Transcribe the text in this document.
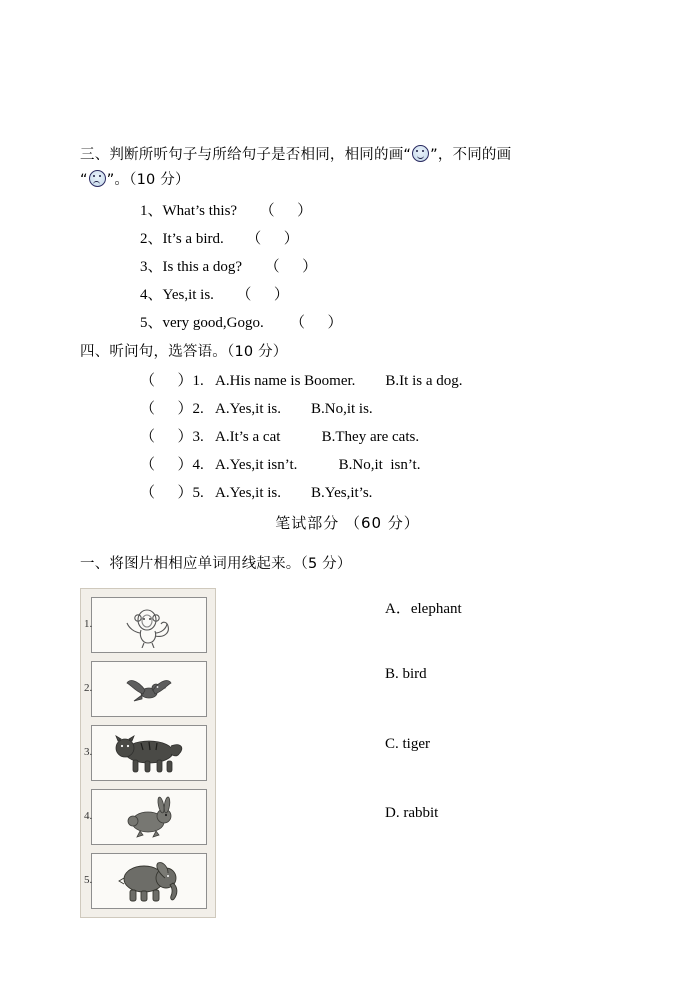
三、判断所听句子与所给句子是否相同，相同的画“ ”，不同的画
“ ”。（10 分）
1、What’s this?      （      ）
2、It’s a bird.      （      ）
3、Is this a dog?      （      ）
4、Yes,it is.      （      ）
5、very good,Gogo.       （      ）
四、听问句，选答语。（10 分）
（      ）1.   A.His name is Boomer.        B.It is a dog.
（      ）2.   A.Yes,it is.        B.No,it is.
（      ）3.   A.It’s a cat           B.They are cats.
（      ）4.   A.Yes,it isn’t.           B.No,it  isn’t.
（      ）5.   A.Yes,it is.        B.Yes,it’s.
笔试部分 （60 分）
一、将图片相相应单词用线起来。（5 分）
1.
2.
3.
4.
5.
A．elephant
B. bird
C. tiger
D. rabbit
